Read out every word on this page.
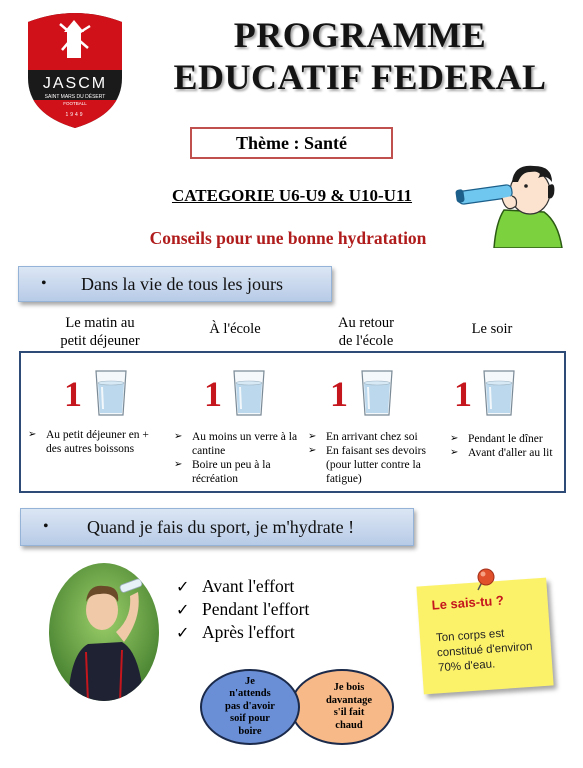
JASCM
SAINT MARS DU DÉSERT
FOOTBALL
1949
PROGRAMME
EDUCATIF FEDERAL
Thème : Santé
CATEGORIE U6-U9 & U10-U11
Conseils pour une bonne hydratation
• Dans la vie de tous les jours
Le matin au
petit déjeuner
À l'école	Au retour
de l'école
Le soir
1
➢ Au petit déjeuner en + des autres boissons
1
➢ Au moins un verre à la cantine
➢ Boire un peu à la récréation
1
➢ En arrivant chez soi
➢ En faisant ses devoirs (pour lutter contre la fatigue)
1
➢ Pendant le dîner
➢ Avant d'aller au lit
• Quand je fais du sport, je m'hydrate !
✓ Avant l'effort
✓ Pendant l'effort
✓ Après l'effort
Je bois
davantage
s'il fait
chaud
Je
n'attends
pas d'avoir
soif pour
boire
Le sais-tu ?
Ton corps est constitué d'environ 70% d'eau.
